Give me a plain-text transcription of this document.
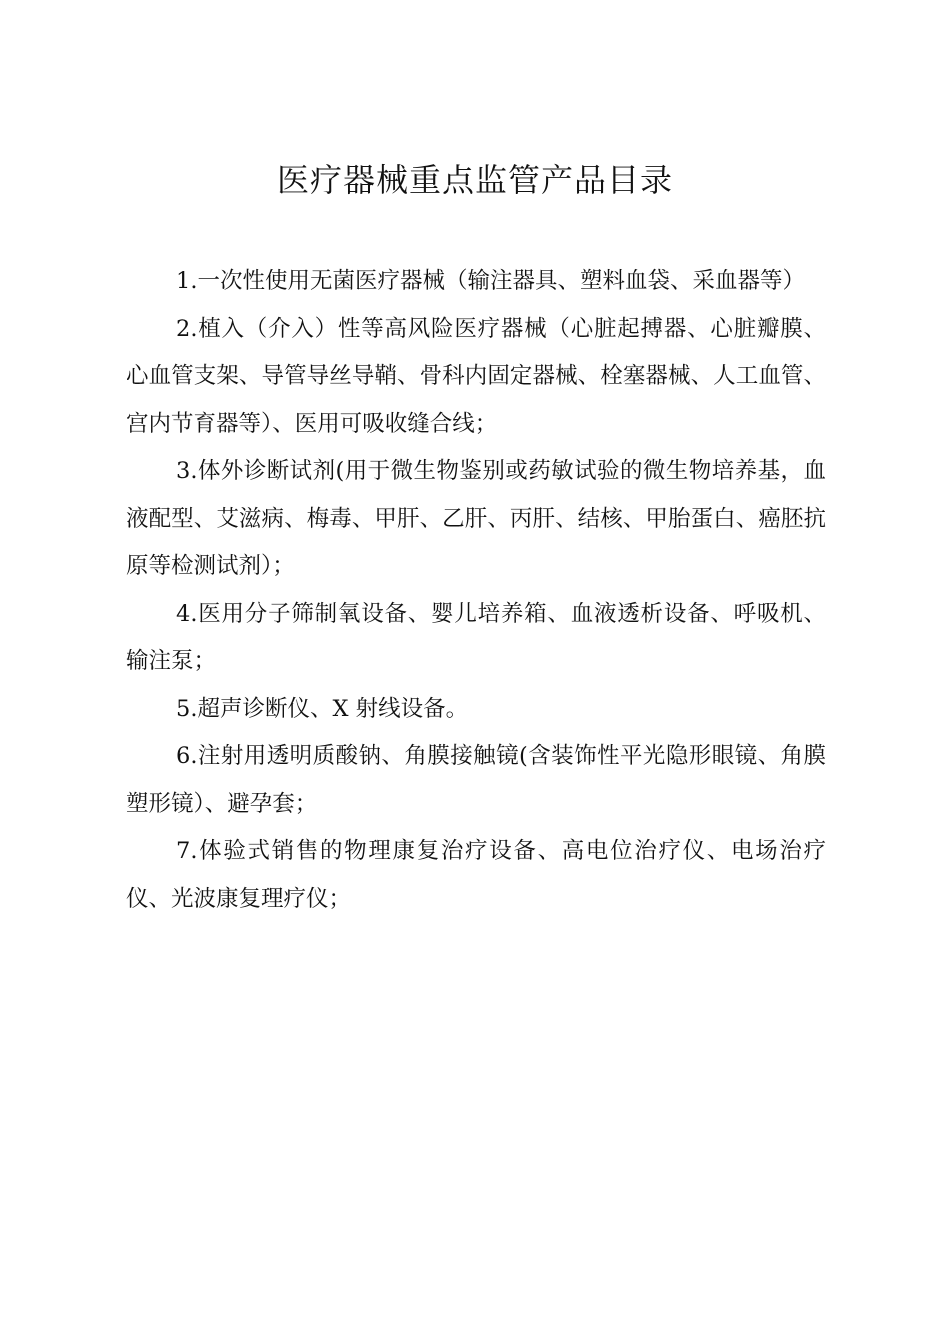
医疗器械重点监管产品目录

1.一次性使用无菌医疗器械（输注器具、塑料血袋、采血器等）

2.植入（介入）性等高风险医疗器械（心脏起搏器、心脏瓣膜、心血管支架、导管导丝导鞘、骨科内固定器械、栓塞器械、人工血管、宫内节育器等）、医用可吸收缝合线；

3.体外诊断试剂(用于微生物鉴别或药敏试验的微生物培养基，血液配型、艾滋病、梅毒、甲肝、乙肝、丙肝、结核、甲胎蛋白、癌胚抗原等检测试剂）；

4.医用分子筛制氧设备、婴儿培养箱、血液透析设备、呼吸机、输注泵；

5.超声诊断仪、X 射线设备。

6.注射用透明质酸钠、角膜接触镜(含装饰性平光隐形眼镜、角膜塑形镜）、避孕套；

7.体验式销售的物理康复治疗设备、高电位治疗仪、电场治疗仪、光波康复理疗仪；
